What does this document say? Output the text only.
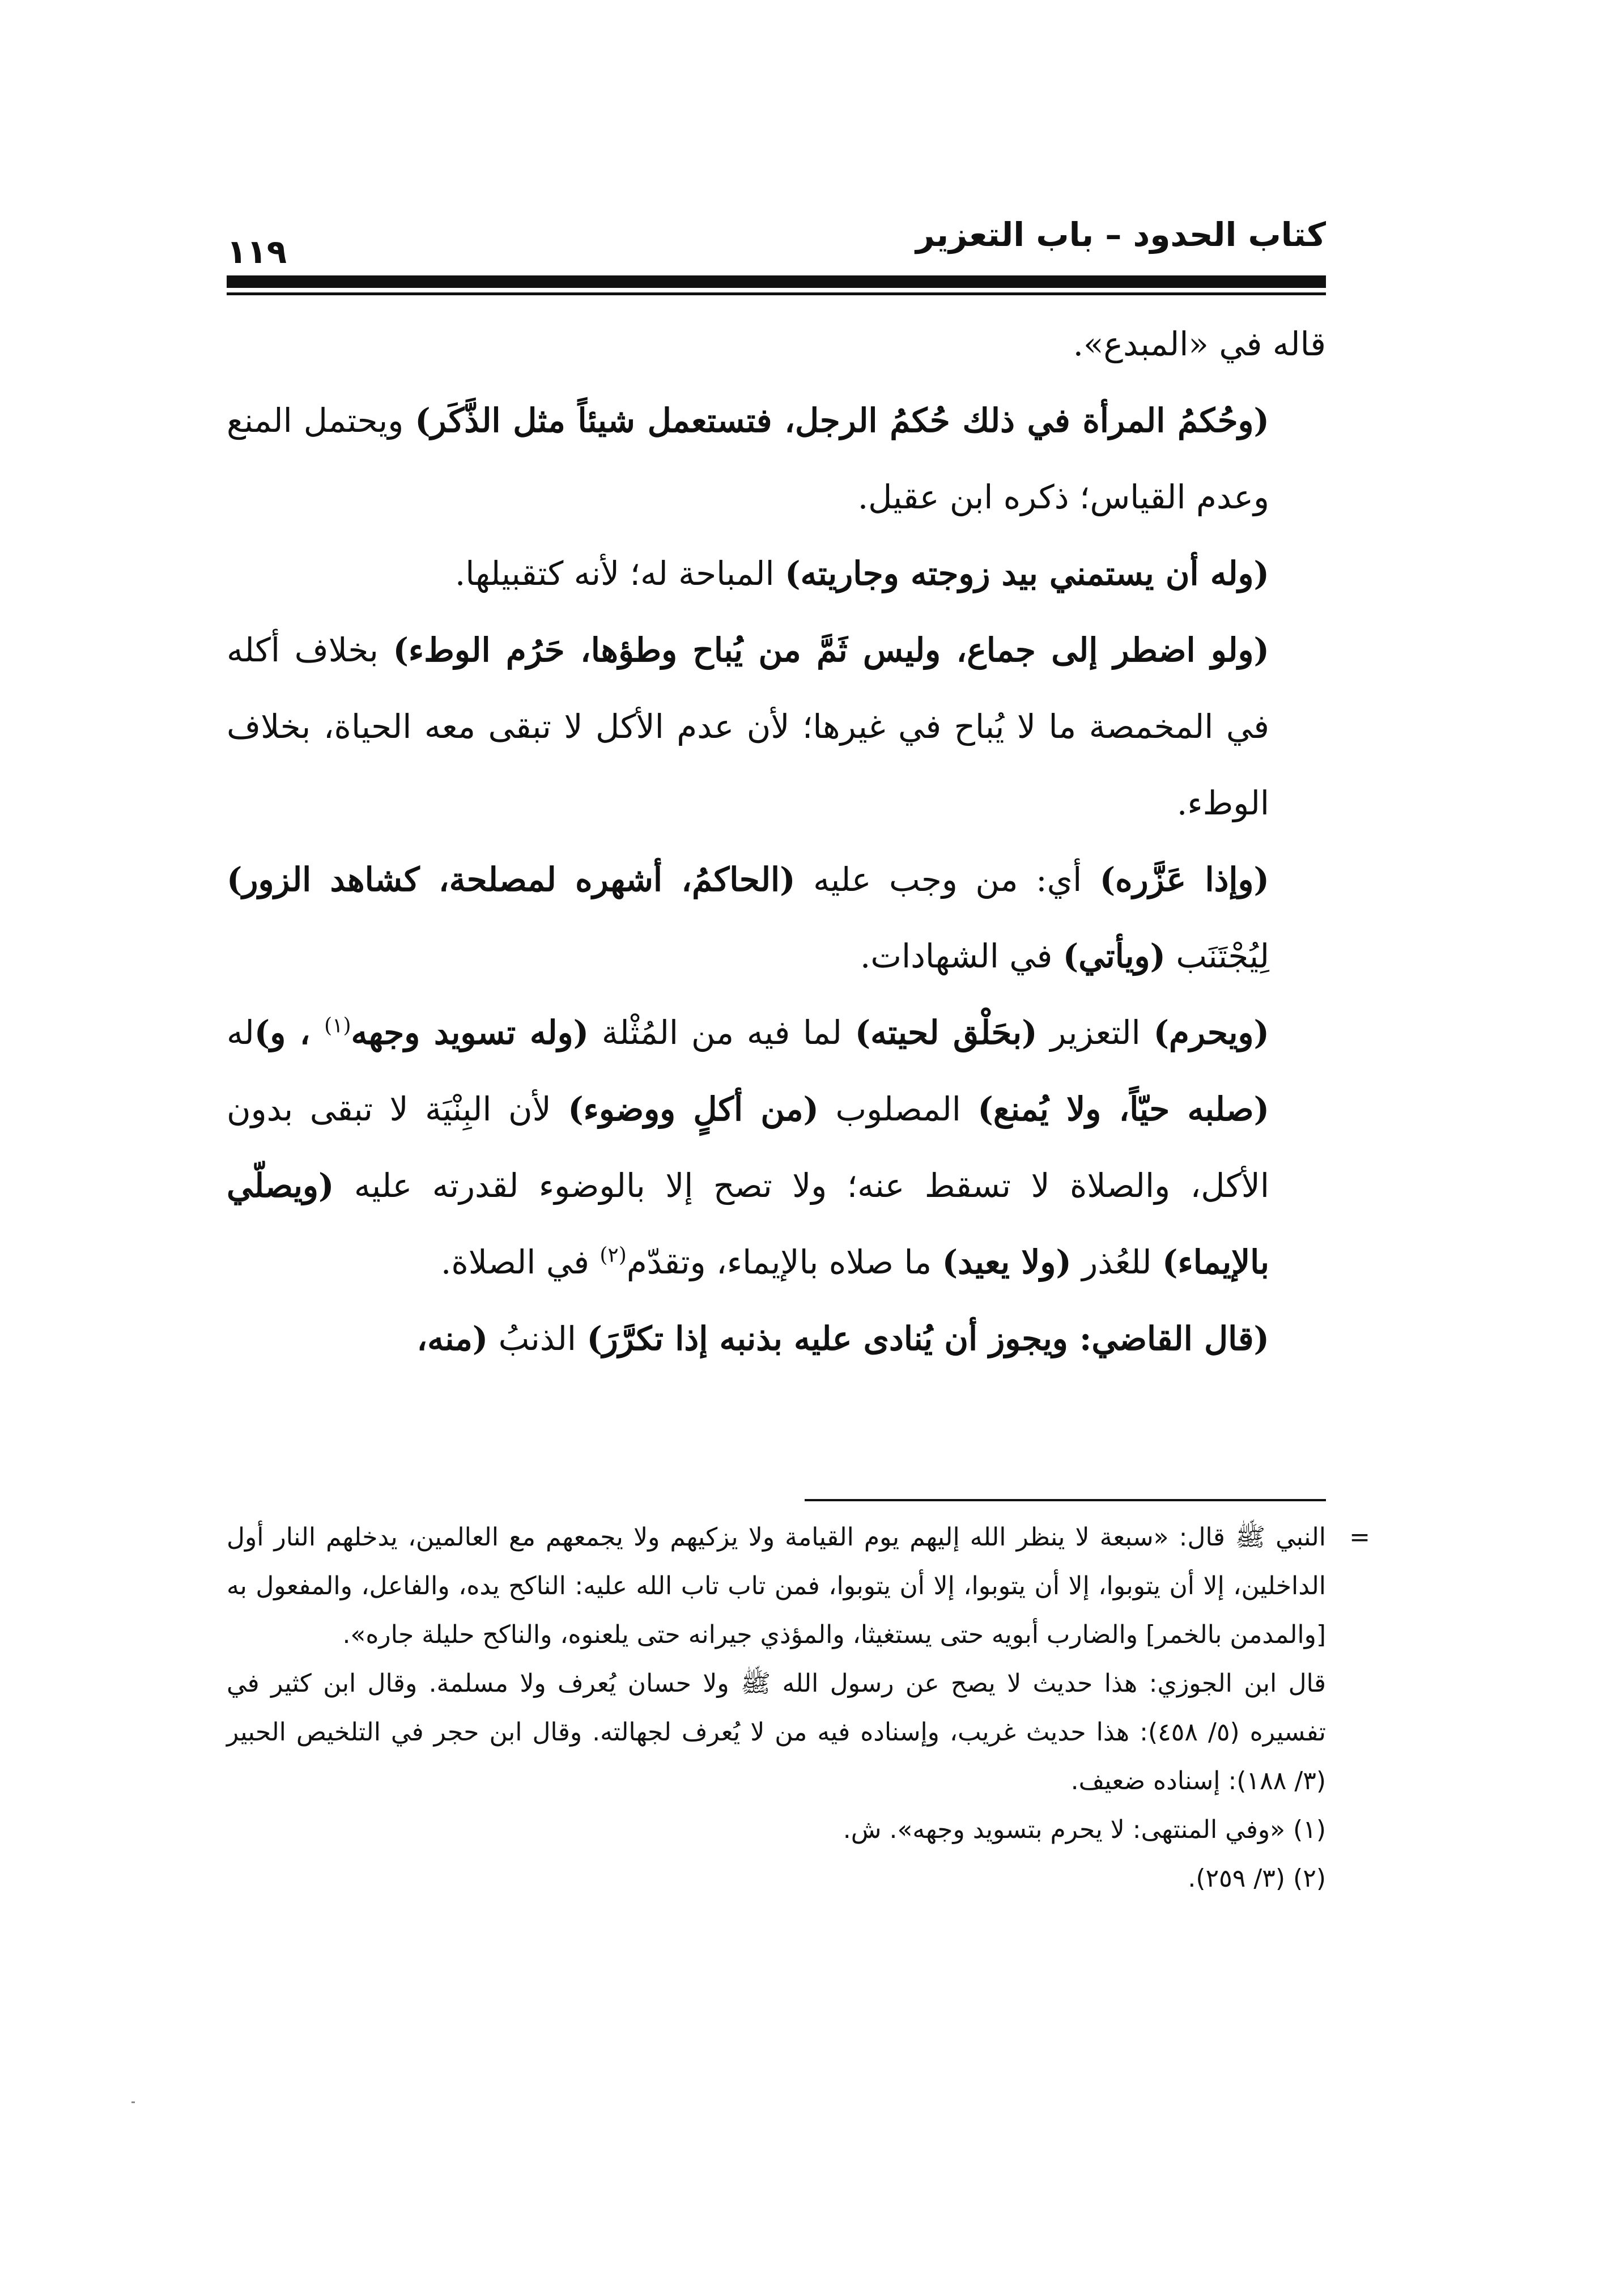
كتاب الحدود – باب التعزير
١١٩

قاله في «المبدع».

(وحُكمُ المرأة في ذلك حُكمُ الرجل، فتستعمل شيئاً مثل الذَّكَر) ويحتمل المنع وعدم القياس؛ ذكره ابن عقيل.

(وله أن يستمني بيد زوجته وجاريته) المباحة له؛ لأنه كتقبيلها.

(ولو اضطر إلى جماع، وليس ثَمَّ من يُباح وطؤها، حَرُم الوطء) بخلاف أكله في المخمصة ما لا يُباح في غيرها؛ لأن عدم الأكل لا تبقى معه الحياة، بخلاف الوطء.

(وإذا عَزَّره) أي: من وجب عليه (الحاكمُ، أشهره لمصلحة، كشاهد الزور) لِيُجْتَنَب (ويأتي) في الشهادات.

(ويحرم) التعزير (بحَلْق لحيته) لما فيه من المُثْلة (وله تسويد وجهه$^{(١)}$ ، و)له (صلبه حيّاً، ولا يُمنع) المصلوب (من أكلٍ ووضوء) لأن البِنْيَة لا تبقى بدون الأكل، والصلاة لا تسقط عنه؛ ولا تصح إلا بالوضوء لقدرته عليه (ويصلّي بالإيماء) للعُذر (ولا يعيد) ما صلاه بالإيماء، وتقدّم$^{(٢)}$ في الصلاة.

(قال القاضي: ويجوز أن يُنادى عليه بذنبه إذا تكرَّرَ) الذنبُ (منه،

=

النبي ﷺ قال: «سبعة لا ينظر الله إليهم يوم القيامة ولا يزكيهم ولا يجمعهم مع العالمين، يدخلهم النار أول الداخلين، إلا أن يتوبوا، إلا أن يتوبوا، إلا أن يتوبوا، فمن تاب تاب الله عليه: الناكح يده، والفاعل، والمفعول به [والمدمن بالخمر] والضارب أبويه حتى يستغيثا، والمؤذي جيرانه حتى يلعنوه، والناكح حليلة جاره».

قال ابن الجوزي: هذا حديث لا يصح عن رسول الله ﷺ ولا حسان يُعرف ولا مسلمة. وقال ابن كثير في تفسيره (٥/ ٤٥٨): هذا حديث غريب، وإسناده فيه من لا يُعرف لجهالته. وقال ابن حجر في التلخيص الحبير (٣/ ١٨٨): إسناده ضعيف.

(١) «وفي المنتهى: لا يحرم بتسويد وجهه». ش.

(٢) (٣/ ٢٥٩).
